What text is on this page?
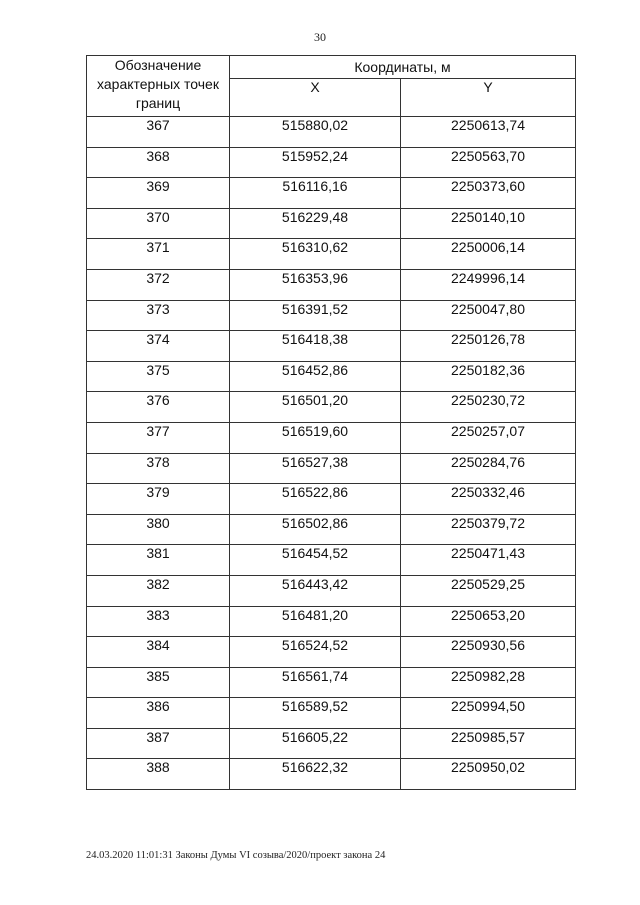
30
Обозначение характерных точек границ	Координаты, м	
	X	Y
367	515880,02	2250613,74
368	515952,24	2250563,70
369	516116,16	2250373,60
370	516229,48	2250140,10
371	516310,62	2250006,14
372	516353,96	2249996,14
373	516391,52	2250047,80
374	516418,38	2250126,78
375	516452,86	2250182,36
376	516501,20	2250230,72
377	516519,60	2250257,07
378	516527,38	2250284,76
379	516522,86	2250332,46
380	516502,86	2250379,72
381	516454,52	2250471,43
382	516443,42	2250529,25
383	516481,20	2250653,20
384	516524,52	2250930,56
385	516561,74	2250982,28
386	516589,52	2250994,50
387	516605,22	2250985,57
388	516622,32	2250950,02
24.03.2020 11:01:31 Законы Думы VI созыва/2020/проект закона 24
